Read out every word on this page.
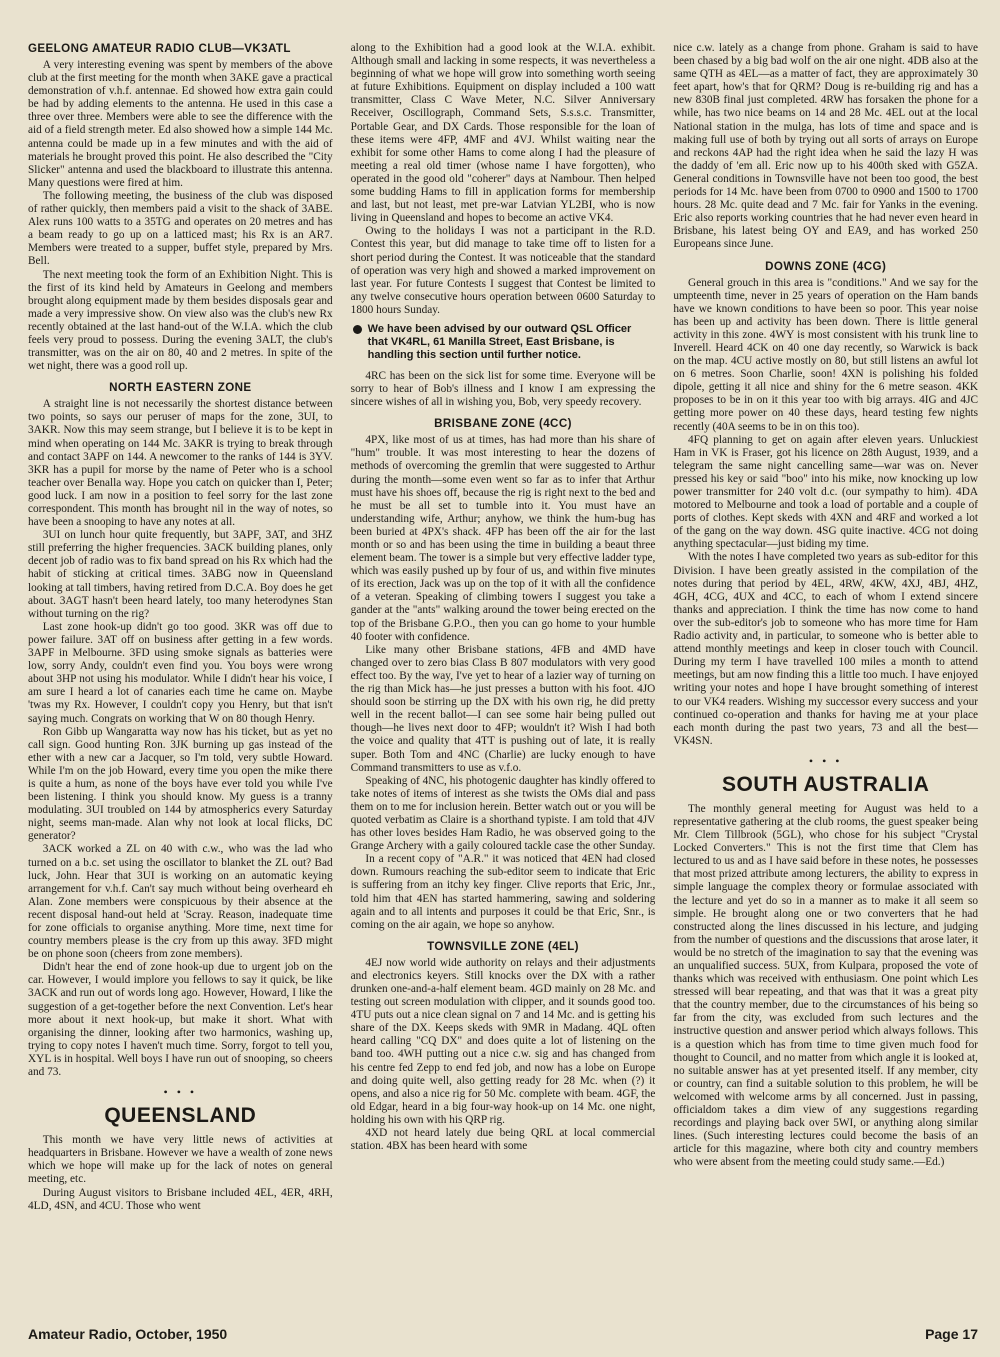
GEELONG AMATEUR RADIO CLUB—VK3ATL

A very interesting evening was spent by members of the above club at the first meeting for the month when 3AKE gave a practical demonstration of v.h.f. antennae. Ed showed how extra gain could be had by adding elements to the antenna. He used in this case a three over three. Members were able to see the difference with the aid of a field strength meter. Ed also showed how a simple 144 Mc. antenna could be made up in a few minutes and with the aid of materials he brought proved this point. He also described the "City Slicker" antenna and used the blackboard to illustrate this antenna. Many questions were fired at him.

The following meeting, the business of the club was disposed of rather quickly, then members paid a visit to the shack of 3ABE. Alex runs 100 watts to a 35TG and operates on 20 metres and has a beam ready to go up on a latticed mast; his Rx is an AR7. Members were treated to a supper, buffet style, prepared by Mrs. Bell.

The next meeting took the form of an Exhibition Night. This is the first of its kind held by Amateurs in Geelong and members brought along equipment made by them besides disposals gear and made a very impressive show. On view also was the club's new Rx recently obtained at the last hand-out of the W.I.A. which the club feels very proud to possess. During the evening 3ALT, the club's transmitter, was on the air on 80, 40 and 2 metres. In spite of the wet night, there was a good roll up.

NORTH EASTERN ZONE

A straight line is not necessarily the shortest distance between two points, so says our peruser of maps for the zone, 3UI, to 3AKR. Now this may seem strange, but I believe it is to be kept in mind when operating on 144 Mc. 3AKR is trying to break through and contact 3APF on 144. A newcomer to the ranks of 144 is 3YV. 3KR has a pupil for morse by the name of Peter who is a school teacher over Benalla way. Hope you catch on quicker than I, Peter; good luck. I am now in a position to feel sorry for the last zone correspondent. This month has brought nil in the way of notes, so have been a snooping to have any notes at all.

3UI on lunch hour quite frequently, but 3APF, 3AT, and 3HZ still preferring the higher frequencies. 3ACK building planes, only decent job of radio was to fix band spread on his Rx which had the habit of sticking at critical times. 3ABG now in Queensland looking at tall timbers, having retired from D.C.A. Boy does he get about. 3AGT hasn't been heard lately, too many heterodynes Stan without turning on the rig?

Last zone hook-up didn't go too good. 3KR was off due to power failure. 3AT off on business after getting in a few words. 3APF in Melbourne. 3FD using smoke signals as batteries were low, sorry Andy, couldn't even find you. You boys were wrong about 3HP not using his modulator. While I didn't hear his voice, I am sure I heard a lot of canaries each time he came on. Maybe 'twas my Rx. However, I couldn't copy you Henry, but that isn't saying much. Congrats on working that W on 80 though Henry.

Ron Gibb up Wangaratta way now has his ticket, but as yet no call sign. Good hunting Ron. 3JK burning up gas instead of the ether with a new car a Jacquer, so I'm told, very subtle Howard. While I'm on the job Howard, every time you open the mike there is quite a hum, as none of the boys have ever told you while I've been listening. I think you should know. My guess is a tranny modulating. 3UI troubled on 144 by atmospherics every Saturday night, seems man-made. Alan why not look at local flicks, DC generator?

3ACK worked a ZL on 40 with c.w., who was the lad who turned on a b.c. set using the oscillator to blanket the ZL out? Bad luck, John. Hear that 3UI is working on an automatic keying arrangement for v.h.f. Can't say much without being overheard eh Alan. Zone members were conspicuous by their absence at the recent disposal hand-out held at 'Scray. Reason, inadequate time for zone officials to organise anything. More time, next time for country members please is the cry from up this away. 3FD might be on phone soon (cheers from zone members).

Didn't hear the end of zone hook-up due to urgent job on the car. However, I would implore you fellows to say it quick, be like 3ACK and run out of words long ago. However, Howard, I like the suggestion of a get-together before the next Convention. Let's hear more about it next hook-up, but make it short. What with organising the dinner, looking after two harmonics, washing up, trying to copy notes I haven't much time. Sorry, forgot to tell you, XYL is in hospital. Well boys I have run out of snooping, so cheers and 73.

• • •
QUEENSLAND

This month we have very little news of activities at headquarters in Brisbane. However we have a wealth of zone news which we hope will make up for the lack of notes on general meeting, etc.

During August visitors to Brisbane included 4EL, 4ER, 4RH, 4LD, 4SN, and 4CU. Those who went

along to the Exhibition had a good look at the W.I.A. exhibit. Although small and lacking in some respects, it was nevertheless a beginning of what we hope will grow into something worth seeing at future Exhibitions. Equipment on display included a 100 watt transmitter, Class C Wave Meter, N.C. Silver Anniversary Receiver, Oscillograph, Command Sets, S.s.s.c. Transmitter, Portable Gear, and DX Cards. Those responsible for the loan of these items were 4FP, 4MF and 4VJ. Whilst waiting near the exhibit for some other Hams to come along I had the pleasure of meeting a real old timer (whose name I have forgotten), who operated in the good old "coherer" days at Nambour. Then helped some budding Hams to fill in application forms for membership and last, but not least, met pre-war Latvian YL2BI, who is now living in Queensland and hopes to become an active VK4.

Owing to the holidays I was not a participant in the R.D. Contest this year, but did manage to take time off to listen for a short period during the Contest. It was noticeable that the standard of operation was very high and showed a marked improvement on last year. For future Contests I suggest that Contest be limited to any twelve consecutive hours operation between 0600 Saturday to 1800 hours Sunday.

We have been advised by our outward QSL Officer that VK4RL, 61 Manilla Street, East Brisbane, is handling this section until further notice.

4RC has been on the sick list for some time. Everyone will be sorry to hear of Bob's illness and I know I am expressing the sincere wishes of all in wishing you, Bob, very speedy recovery.

BRISBANE ZONE (4CC)

4PX, like most of us at times, has had more than his share of "hum" trouble. It was most interesting to hear the dozens of methods of overcoming the gremlin that were suggested to Arthur during the month—some even went so far as to infer that Arthur must have his shoes off, because the rig is right next to the bed and he must be all set to tumble into it. You must have an understanding wife, Arthur; anyhow, we think the hum-bug has been buried at 4PX's shack. 4FP has been off the air for the last month or so and has been using the time in building a beaut three element beam. The tower is a simple but very effective ladder type, which was easily pushed up by four of us, and within five minutes of its erection, Jack was up on the top of it with all the confidence of a veteran. Speaking of climbing towers I suggest you take a gander at the "ants" walking around the tower being erected on the top of the Brisbane G.P.O., then you can go home to your humble 40 footer with confidence.

Like many other Brisbane stations, 4FB and 4MD have changed over to zero bias Class B 807 modulators with very good effect too. By the way, I've yet to hear of a lazier way of turning on the rig than Mick has—he just presses a button with his foot. 4JO should soon be stirring up the DX with his own rig, he did pretty well in the recent ballot—I can see some hair being pulled out though—he lives next door to 4FP; wouldn't it? Wish I had both the voice and quality that 4TT is pushing out of late, it is really super. Both Tom and 4NC (Charlie) are lucky enough to have Command transmitters to use as v.f.o.

Speaking of 4NC, his photogenic daughter has kindly offered to take notes of items of interest as she twists the OMs dial and pass them on to me for inclusion herein. Better watch out or you will be quoted verbatim as Claire is a shorthand typiste. I am told that 4JV has other loves besides Ham Radio, he was observed going to the Grange Archery with a gaily coloured tackle case the other Sunday.

In a recent copy of "A.R." it was noticed that 4EN had closed down. Rumours reaching the sub-editor seem to indicate that Eric is suffering from an itchy key finger. Clive reports that Eric, Jnr., told him that 4EN has started hammering, sawing and soldering again and to all intents and purposes it could be that Eric, Snr., is coming on the air again, we hope so anyhow.

TOWNSVILLE ZONE (4EL)

4EJ now world wide authority on relays and their adjustments and electronics keyers. Still knocks over the DX with a rather drunken one-and-a-half element beam. 4GD mainly on 28 Mc. and testing out screen modulation with clipper, and it sounds good too. 4TU puts out a nice clean signal on 7 and 14 Mc. and is getting his share of the DX. Keeps skeds with 9MR in Madang. 4QL often heard calling "CQ DX" and does quite a lot of listening on the band too. 4WH putting out a nice c.w. sig and has changed from his centre fed Zepp to end fed job, and now has a lobe on Europe and doing quite well, also getting ready for 28 Mc. when (?) it opens, and also a nice rig for 50 Mc. complete with beam. 4GF, the old Edgar, heard in a big four-way hook-up on 14 Mc. one night, holding his own with his QRP rig.

4XD not heard lately due being QRL at local commercial station. 4BX has been heard with some

nice c.w. lately as a change from phone. Graham is said to have been chased by a big bad wolf on the air one night. 4DB also at the same QTH as 4EL—as a matter of fact, they are approximately 30 feet apart, how's that for QRM? Doug is re-building rig and has a new 830B final just completed. 4RW has forsaken the phone for a while, has two nice beams on 14 and 28 Mc. 4EL out at the local National station in the mulga, has lots of time and space and is making full use of both by trying out all sorts of arrays on Europe and reckons 4AP had the right idea when he said the lazy H was the daddy of 'em all. Eric now up to his 400th sked with G5ZA. General conditions in Townsville have not been too good, the best periods for 14 Mc. have been from 0700 to 0900 and 1500 to 1700 hours. 28 Mc. quite dead and 7 Mc. fair for Yanks in the evening. Eric also reports working countries that he had never even heard in Brisbane, his latest being OY and EA9, and has worked 250 Europeans since June.

DOWNS ZONE (4CG)

General grouch in this area is "conditions." And we say for the umpteenth time, never in 25 years of operation on the Ham bands have we known conditions to have been so poor. This year noise has been up and activity has been down. There is little general activity in this zone. 4WY is most consistent with his trunk line to Inverell. Heard 4CK on 40 one day recently, so Warwick is back on the map. 4CU active mostly on 80, but still listens an awful lot on 6 metres. Soon Charlie, soon! 4XN is polishing his folded dipole, getting it all nice and shiny for the 6 metre season. 4KK proposes to be in on it this year too with big arrays. 4IG and 4JC getting more power on 40 these days, heard testing few nights recently (40A seems to be in on this too).

4FQ planning to get on again after eleven years. Unluckiest Ham in VK is Fraser, got his licence on 28th August, 1939, and a telegram the same night cancelling same—war was on. Never pressed his key or said "boo" into his mike, now knocking up low power transmitter for 240 volt d.c. (our sympathy to him). 4DA motored to Melbourne and took a load of portable and a couple of ports of clothes. Kept skeds with 4XN and 4RF and worked a lot of the gang on the way down. 4SG quite inactive. 4CG not doing anything spectacular—just biding my time.

With the notes I have completed two years as sub-editor for this Division. I have been greatly assisted in the compilation of the notes during that period by 4EL, 4RW, 4KW, 4XJ, 4BJ, 4HZ, 4GH, 4CG, 4UX and 4CC, to each of whom I extend sincere thanks and appreciation. I think the time has now come to hand over the sub-editor's job to someone who has more time for Ham Radio activity and, in particular, to someone who is better able to attend monthly meetings and keep in closer touch with Council. During my term I have travelled 100 miles a month to attend meetings, but am now finding this a little too much. I have enjoyed writing your notes and hope I have brought something of interest to our VK4 readers. Wishing my successor every success and your continued co-operation and thanks for having me at your place each month during the past two years, 73 and all the best—VK4SN.

• • •
SOUTH AUSTRALIA

The monthly general meeting for August was held to a representative gathering at the club rooms, the guest speaker being Mr. Clem Tillbrook (5GL), who chose for his subject "Crystal Locked Converters." This is not the first time that Clem has lectured to us and as I have said before in these notes, he possesses that most prized attribute among lecturers, the ability to express in simple language the complex theory or formulae associated with the lecture and yet do so in a manner as to make it all seem so simple. He brought along one or two converters that he had constructed along the lines discussed in his lecture, and judging from the number of questions and the discussions that arose later, it would be no stretch of the imagination to say that the evening was an unqualified success. 5UX, from Kulpara, proposed the vote of thanks which was received with enthusiasm. One point which Les stressed will bear repeating, and that was that it was a great pity that the country member, due to the circumstances of his being so far from the city, was excluded from such lectures and the instructive question and answer period which always follows. This is a question which has from time to time given much food for thought to Council, and no matter from which angle it is looked at, no suitable answer has at yet presented itself. If any member, city or country, can find a suitable solution to this problem, he will be welcomed with welcome arms by all concerned. Just in passing, officialdom takes a dim view of any suggestions regarding recordings and playing back over 5WI, or anything along similar lines. (Such interesting lectures could become the basis of an article for this magazine, where both city and country members who were absent from the meeting could study same.—Ed.)

Amateur Radio, October, 1950	Page 17
